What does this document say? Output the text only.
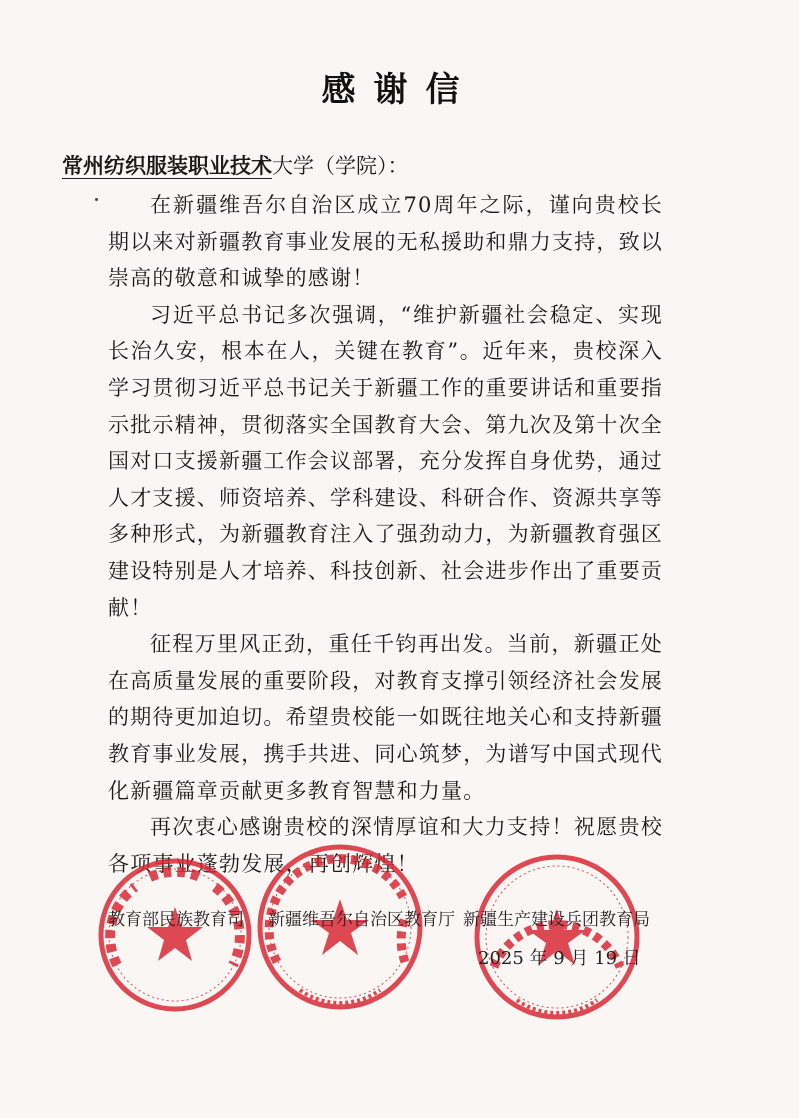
感谢信
常州纺织服装职业技术大学（学院）：

在新疆维吾尔自治区成立70周年之际，谨向贵校长期以来对新疆教育事业发展的无私援助和鼎力支持，致以崇高的敬意和诚挚的感谢！

习近平总书记多次强调，“维护新疆社会稳定、实现长治久安，根本在人，关键在教育”。近年来，贵校深入学习贯彻习近平总书记关于新疆工作的重要讲话和重要指示批示精神，贯彻落实全国教育大会、第九次及第十次全国对口支援新疆工作会议部署，充分发挥自身优势，通过人才支援、师资培养、学科建设、科研合作、资源共享等多种形式，为新疆教育注入了强劲动力，为新疆教育强区建设特别是人才培养、科技创新、社会进步作出了重要贡献！

征程万里风正劲，重任千钧再出发。当前，新疆正处在高质量发展的重要阶段，对教育支撑引领经济社会发展的期待更加迫切。希望贵校能一如既往地关心和支持新疆教育事业发展，携手共进、同心筑梦，为谱写中国式现代化新疆篇章贡献更多教育智慧和力量。

再次衷心感谢贵校的深情厚谊和大力支持！祝愿贵校各项事业蓬勃发展，再创辉煌！

教育部民族教育司 新疆维吾尔自治区教育厅 新疆生产建设兵团教育局
2025 年 9 月 19 日
